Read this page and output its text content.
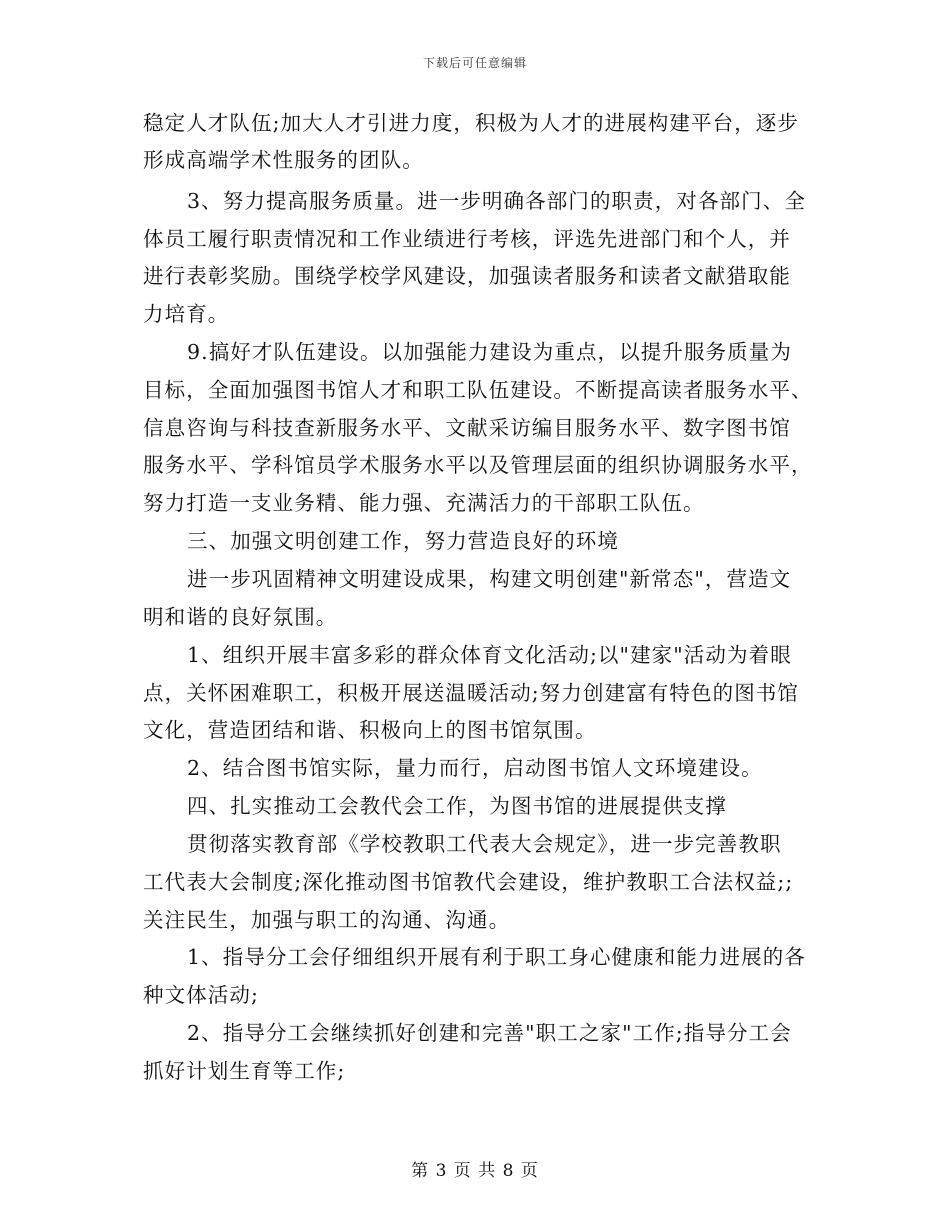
下载后可任意编辑
稳定人才队伍;加大人才引进力度，积极为人才的进展构建平台，逐步
形成高端学术性服务的团队。
3、努力提高服务质量。进一步明确各部门的职责，对各部门、全
体员工履行职责情况和工作业绩进行考核，评选先进部门和个人，并
进行表彰奖励。围绕学校学风建设，加强读者服务和读者文献猎取能
力培育。
9.搞好才队伍建设。以加强能力建设为重点，以提升服务质量为
目标，全面加强图书馆人才和职工队伍建设。不断提高读者服务水平、
信息咨询与科技查新服务水平、文献采访编目服务水平、数字图书馆
服务水平、学科馆员学术服务水平以及管理层面的组织协调服务水平，
努力打造一支业务精、能力强、充满活力的干部职工队伍。
三、加强文明创建工作，努力营造良好的环境
进一步巩固精神文明建设成果，构建文明创建"新常态"，营造文
明和谐的良好氛围。
1、组织开展丰富多彩的群众体育文化活动;以"建家"活动为着眼
点，关怀困难职工，积极开展送温暖活动;努力创建富有特色的图书馆
文化，营造团结和谐、积极向上的图书馆氛围。
2、结合图书馆实际，量力而行，启动图书馆人文环境建设。
四、扎实推动工会教代会工作，为图书馆的进展提供支撑
贯彻落实教育部《学校教职工代表大会规定》，进一步完善教职
工代表大会制度;深化推动图书馆教代会建设，维护教职工合法权益;;
关注民生，加强与职工的沟通、沟通。
1、指导分工会仔细组织开展有利于职工身心健康和能力进展的各
种文体活动;
2、指导分工会继续抓好创建和完善"职工之家"工作;指导分工会
抓好计划生育等工作;
第 3 页 共 8 页
